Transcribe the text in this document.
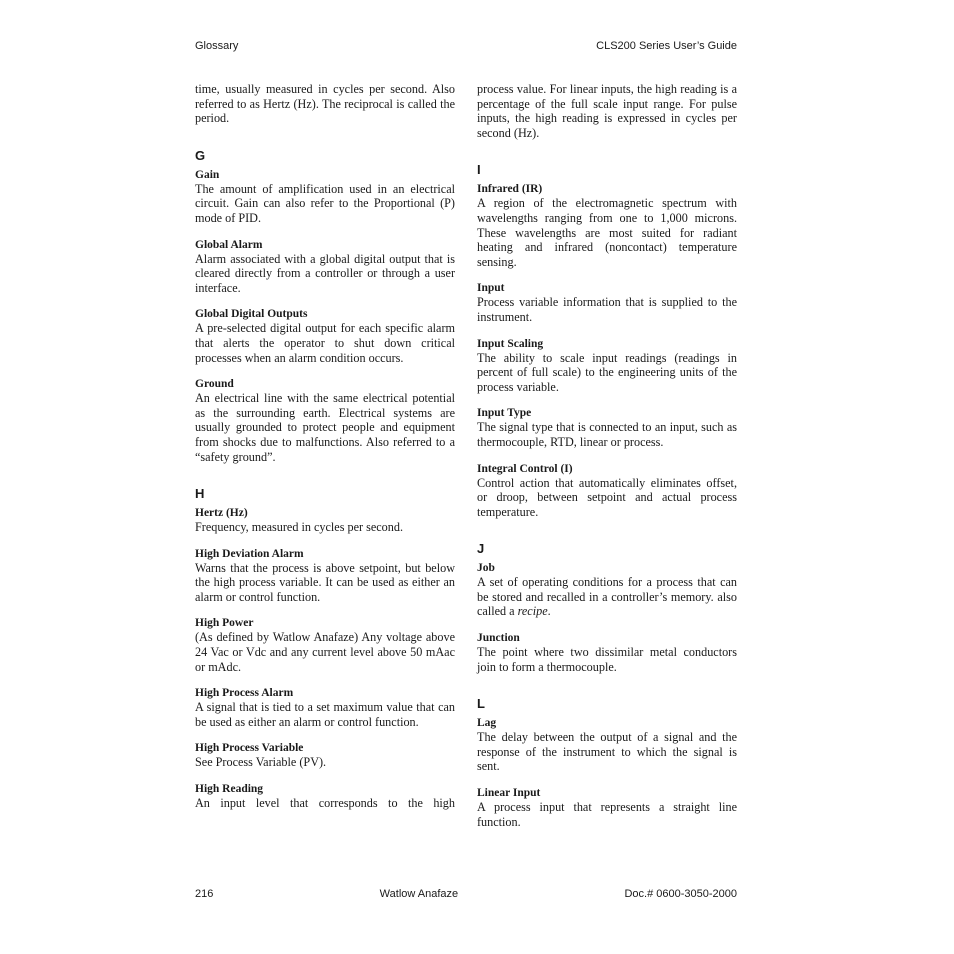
Glossary	CLS200 Series User’s Guide

time, usually measured in cycles per second. Also referred to as Hertz (Hz). The reciprocal is called the period.

G

Gain

The amount of amplification used in an electrical circuit. Gain can also refer to the Proportional (P) mode of PID.

Global Alarm

Alarm associated with a global digital output that is cleared directly from a controller or through a user interface.

Global Digital Outputs

A pre-selected digital output for each specific alarm that alerts the operator to shut down critical processes when an alarm condition occurs.

Ground

An electrical line with the same electrical potential as the surrounding earth. Electrical systems are usually grounded to protect people and equipment from shocks due to malfunctions. Also referred to a “safety ground”.

H

Hertz (Hz)

Frequency, measured in cycles per second.

High Deviation Alarm

Warns that the process is above setpoint, but below the high process variable. It can be used as either an alarm or control function.

High Power

(As defined by Watlow Anafaze) Any voltage above 24 Vac or Vdc and any current level above 50 mAac or mAdc.

High Process Alarm

A signal that is tied to a set maximum value that can be used as either an alarm or control function.

High Process Variable

See Process Variable (PV).

High Reading

An input level that corresponds to the high

process value. For linear inputs, the high reading is a percentage of the full scale input range. For pulse inputs, the high reading is expressed in cycles per second (Hz).

I

Infrared (IR)

A region of the electromagnetic spectrum with wavelengths ranging from one to 1,000 microns. These wavelengths are most suited for radiant heating and infrared (noncontact) temperature sensing.

Input

Process variable information that is supplied to the instrument.

Input Scaling

The ability to scale input readings (readings in percent of full scale) to the engineering units of the process variable.

Input Type

The signal type that is connected to an input, such as thermocouple, RTD, linear or process.

Integral Control (I)

Control action that automatically eliminates offset, or droop, between setpoint and actual process temperature.

J

Job

A set of operating conditions for a process that can be stored and recalled in a controller’s memory. also called a recipe.

Junction

The point where two dissimilar metal conductors join to form a thermocouple.

L

Lag

The delay between the output of a signal and the response of the instrument to which the signal is sent.

Linear Input

A process input that represents a straight line function.

216	Watlow Anafaze	Doc.# 0600-3050-2000
